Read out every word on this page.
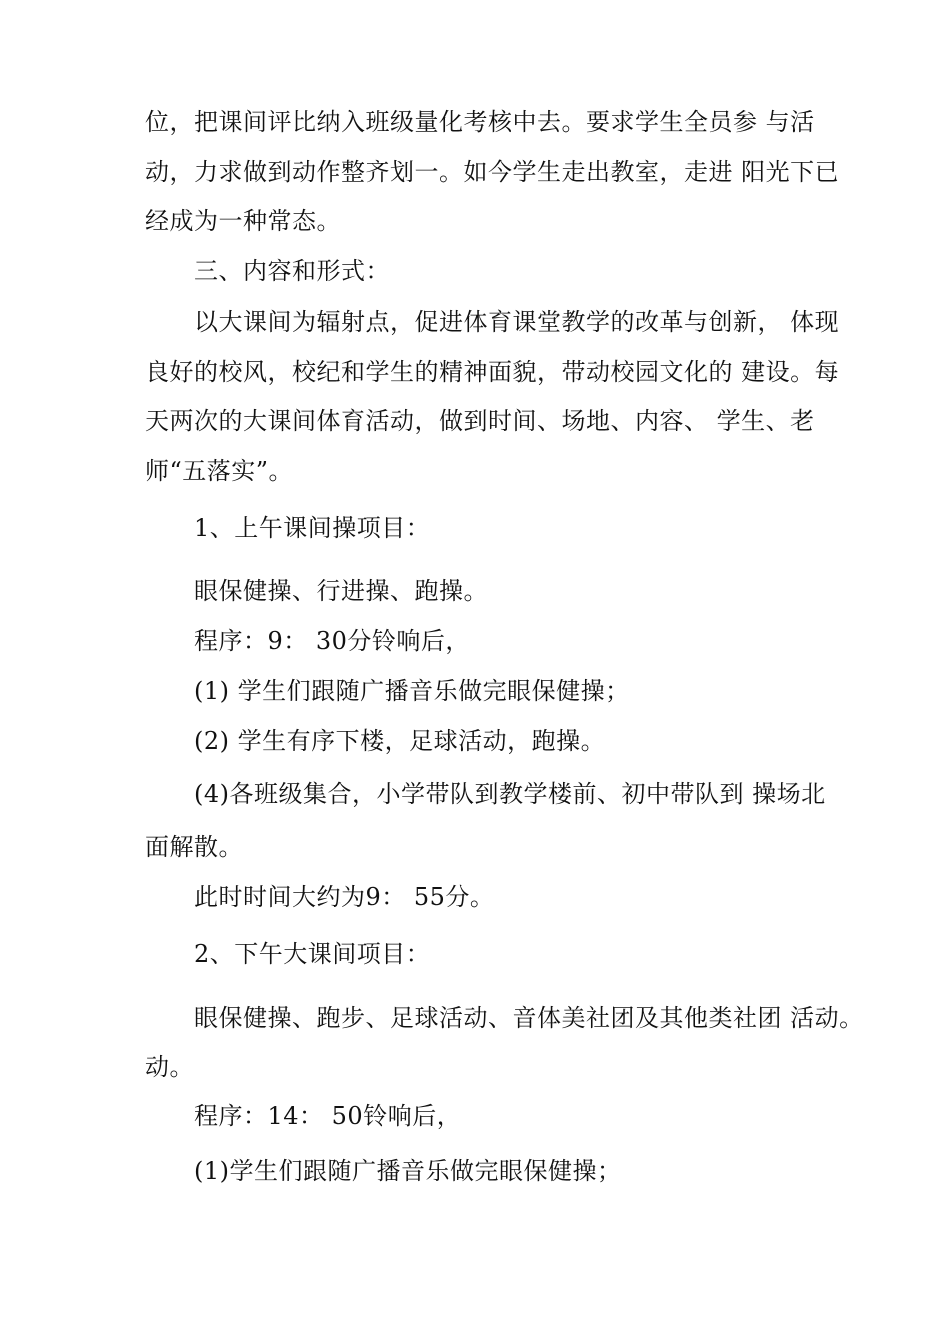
位，把课间评比纳入班级量化考核中去。要求学生全员参 与活
动，力求做到动作整齐划一。如今学生走出教室，走进 阳光下已
经成为一种常态。
三、内容和形式：
以大课间为辐射点，促进体育课堂教学的改革与创新， 体现
良好的校风，校纪和学生的精神面貌，带动校园文化的 建设。每
天两次的大课间体育活动，做到时间、场地、内容、 学生、老
师“五落实”。
1、上午课间操项目：
眼保健操、行进操、跑操。
程序：9： 30分铃响后，
(1) 学生们跟随广播音乐做完眼保健操；
(2) 学生有序下楼，足球活动，跑操。
(4)各班级集合，小学带队到教学楼前、初中带队到 操场北
面解散。
此时时间大约为9： 55分。
2、下午大课间项目：
眼保健操、跑步、足球活动、音体美社团及其他类社团 活动。
动。
程序：14： 50铃响后，
(1)学生们跟随广播音乐做完眼保健操；
